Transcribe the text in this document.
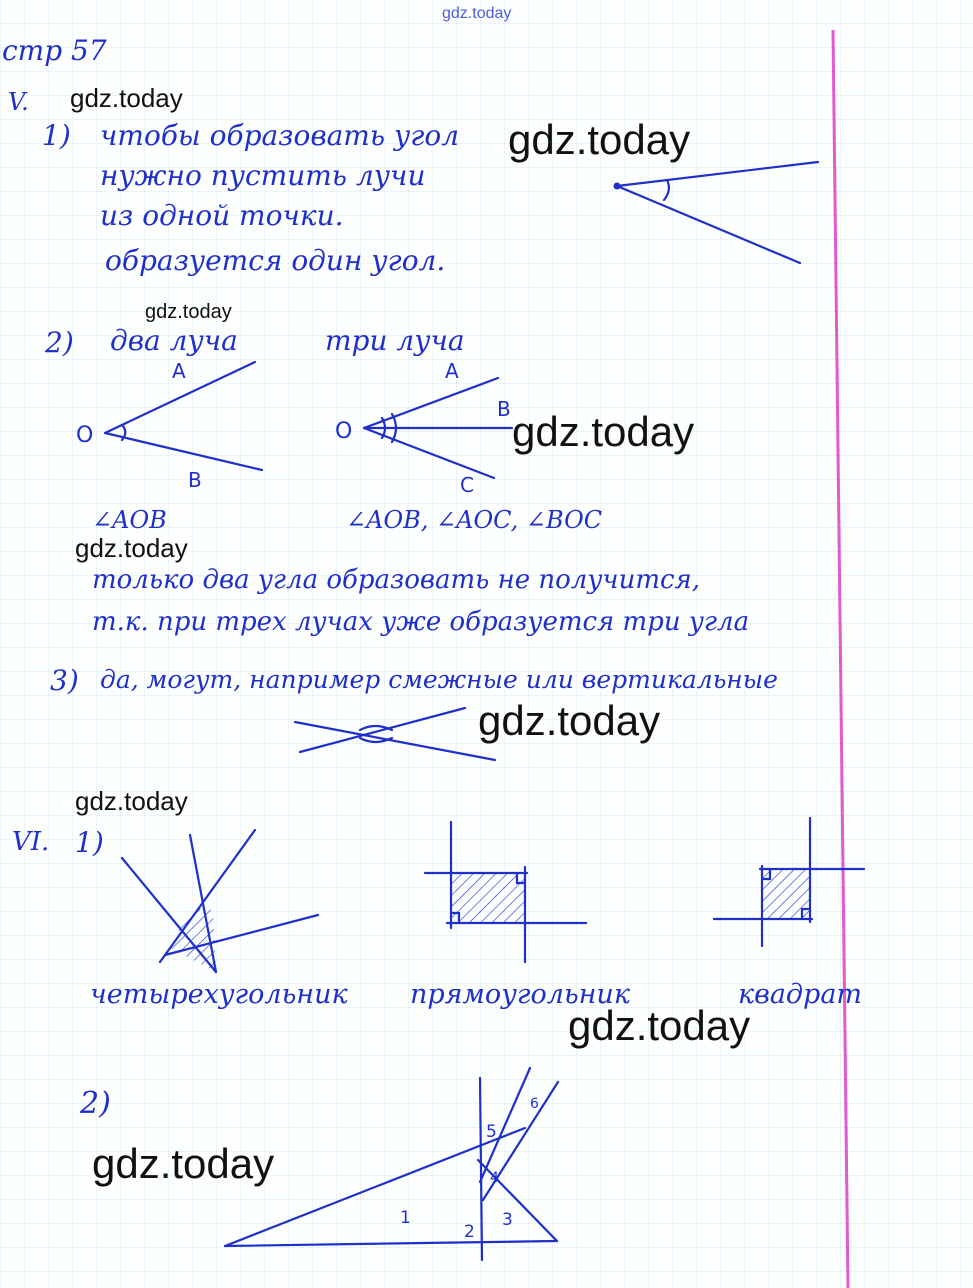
gdz.today
стр 57
V. gdz.today
1) чтобы образовать угол
нужно пустить лучи
из одной точки.
образуется один угол.
gdz.today
gdz.today
2) два луча	три луча
O
A
B
O
A
B
C
gdz.today
∠AOB	∠AOB, ∠AOC, ∠BOC
gdz.today
только два угла образовать не получится,
т.к. при трех лучах уже образуется три угла
3) да, могут, например смежные или вертикальные
gdz.today
gdz.today
VI. 1)
четырехугольник прямоугольник	квадрат
gdz.today
2)
gdz.today
1
2
3
4
5
6
